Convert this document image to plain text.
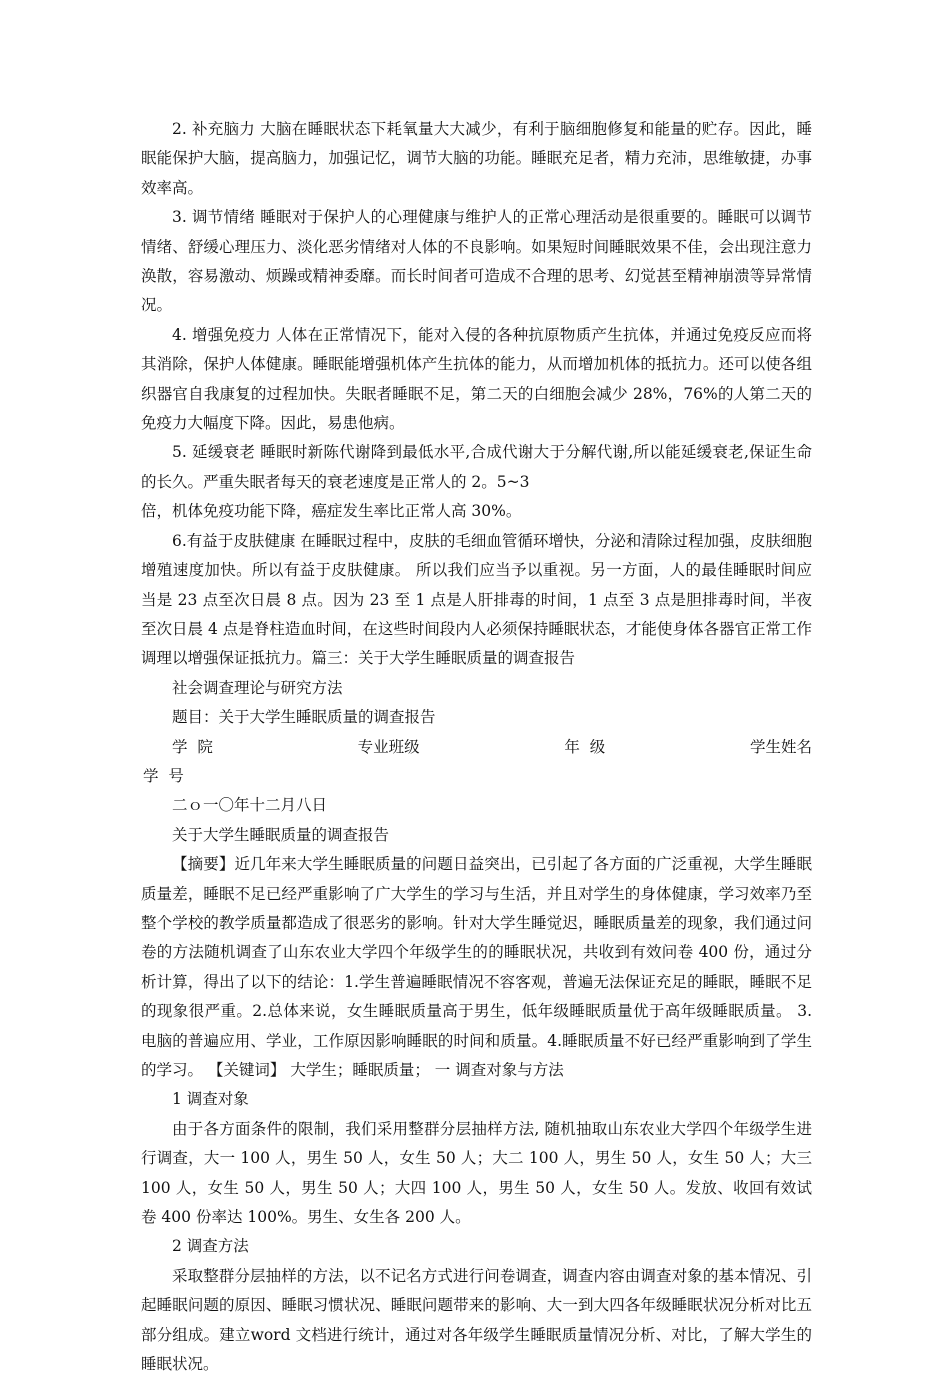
2. 补充脑力 大脑在睡眠状态下耗氧量大大减少，有利于脑细胞修复和能量的贮存。因此，睡眠能保护大脑，提高脑力，加强记忆，调节大脑的功能。睡眠充足者，精力充沛，思维敏捷，办事效率高。

3. 调节情绪 睡眠对于保护人的心理健康与维护人的正常心理活动是很重要的。睡眠可以调节情绪、舒缓心理压力、淡化恶劣情绪对人体的不良影响。如果短时间睡眠效果不佳，会出现注意力涣散，容易激动、烦躁或精神委靡。而长时间者可造成不合理的思考、幻觉甚至精神崩溃等异常情况。

4. 增强免疫力 人体在正常情况下，能对入侵的各种抗原物质产生抗体，并通过免疫反应而将其消除，保护人体健康。睡眠能增强机体产生抗体的能力，从而增加机体的抵抗力。还可以使各组织器官自我康复的过程加快。失眠者睡眠不足，第二天的白细胞会减少 28%，76%的人第二天的免疫力大幅度下降。因此，易患他病。

5. 延缓衰老 睡眠时新陈代谢降到最低水平,合成代谢大于分解代谢,所以能延缓衰老,保证生命的长久。严重失眠者每天的衰老速度是正常人的 2。5~3

倍，机体免疫功能下降，癌症发生率比正常人高 30%。

6.有益于皮肤健康 在睡眠过程中，皮肤的毛细血管循环增快，分泌和清除过程加强，皮肤细胞增殖速度加快。所以有益于皮肤健康。 所以我们应当予以重视。另一方面，人的最佳睡眠时间应当是 23 点至次日晨 8 点。因为 23 至 1 点是人肝排毒的时间，1 点至 3 点是胆排毒时间，半夜至次日晨 4 点是脊柱造血时间，在这些时间段内人必须保持睡眠状态，才能使身体各器官正常工作调理以增强保证抵抗力。篇三：关于大学生睡眠质量的调查报告

社会调查理论与研究方法

题目：关于大学生睡眠质量的调查报告

学  院	专业班级	年  级	学生姓名

学  号

二ｏ一〇年十二月八日

关于大学生睡眠质量的调查报告

【摘要】近几年来大学生睡眠质量的问题日益突出，已引起了各方面的广泛重视，大学生睡眠质量差，睡眠不足已经严重影响了广大学生的学习与生活，并且对学生的身体健康，学习效率乃至整个学校的教学质量都造成了很恶劣的影响。针对大学生睡觉迟，睡眠质量差的现象，我们通过问卷的方法随机调查了山东农业大学四个年级学生的的睡眠状况，共收到有效问卷 400 份，通过分析计算，得出了以下的结论：1.学生普遍睡眠情况不容客观，普遍无法保证充足的睡眠，睡眠不足的现象很严重。2.总体来说，女生睡眠质量高于男生，低年级睡眠质量优于高年级睡眠质量。 3. 电脑的普遍应用、学业，工作原因影响睡眠的时间和质量。4.睡眠质量不好已经严重影响到了学生的学习。 【关键词】 大学生；睡眠质量； 一 调查对象与方法

1 调查对象

由于各方面条件的限制，我们采用整群分层抽样方法, 随机抽取山东农业大学四个年级学生进行调查，大一 100 人，男生 50 人，女生 50 人；大二 100 人，男生 50 人，女生 50 人；大三 100 人，女生 50 人，男生 50 人；大四 100 人，男生 50 人，女生 50 人。发放、收回有效试卷 400 份率达 100%。男生、女生各 200 人。

2 调查方法

采取整群分层抽样的方法，以不记名方式进行问卷调查，调查内容由调查对象的基本情况、引起睡眠问题的原因、睡眠习惯状况、睡眠问题带来的影响、大一到大四各年级睡眠状况分析对比五部分组成。建立word 文档进行统计，通过对各年级学生睡眠质量情况分析、对比，了解大学生的睡眠状况。
